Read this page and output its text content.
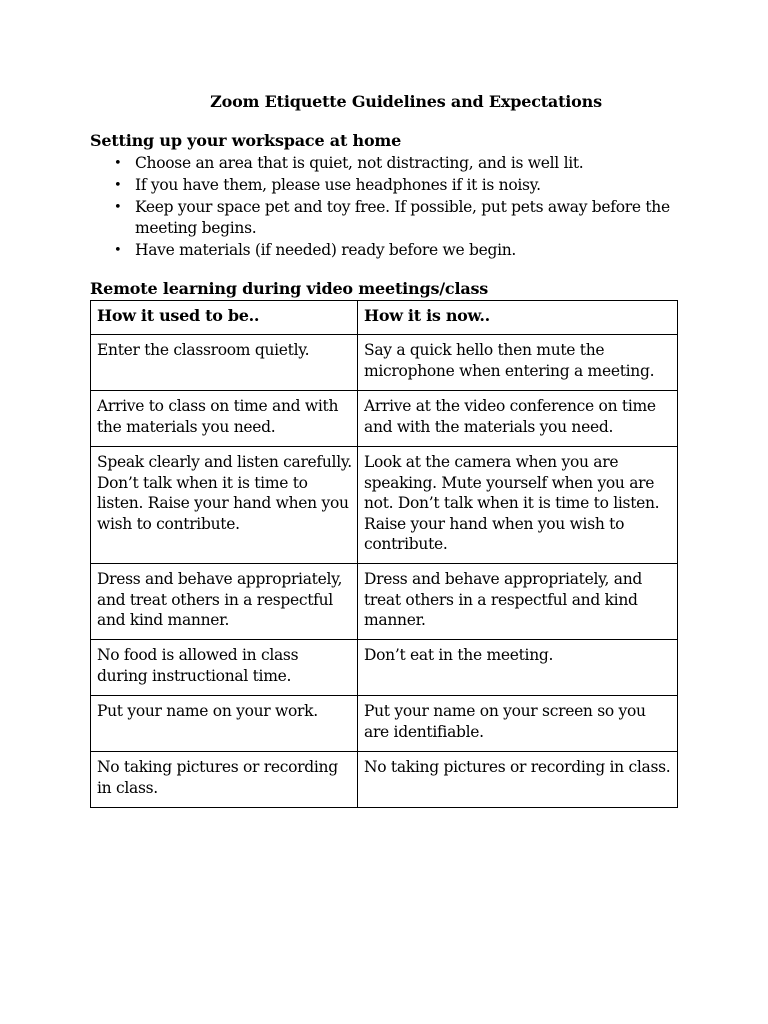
Zoom Etiquette Guidelines and Expectations
Setting up your workspace at home
• Choose an area that is quiet, not distracting, and is well lit.
• If you have them, please use headphones if it is noisy.
• Keep your space pet and toy free. If possible, put pets away before the meeting begins.
• Have materials (if needed) ready before we begin.
Remote learning during video meetings/class
How it used to be..	How it is now..
Enter the classroom quietly.	Say a quick hello then mute the microphone when entering a meeting.
Arrive to class on time and with the materials you need.	Arrive at the video conference on time and with the materials you need.
Speak clearly and listen carefully. Don’t talk when it is time to listen. Raise your hand when you wish to contribute.	Look at the camera when you are speaking. Mute yourself when you are not. Don’t talk when it is time to listen. Raise your hand when you wish to contribute.
Dress and behave appropriately, and treat others in a respectful and kind manner.	Dress and behave appropriately, and treat others in a respectful and kind manner.
No food is allowed in class during instructional time.	Don’t eat in the meeting.
Put your name on your work.	Put your name on your screen so you are identifiable.
No taking pictures or recording in class.	No taking pictures or recording in class.
